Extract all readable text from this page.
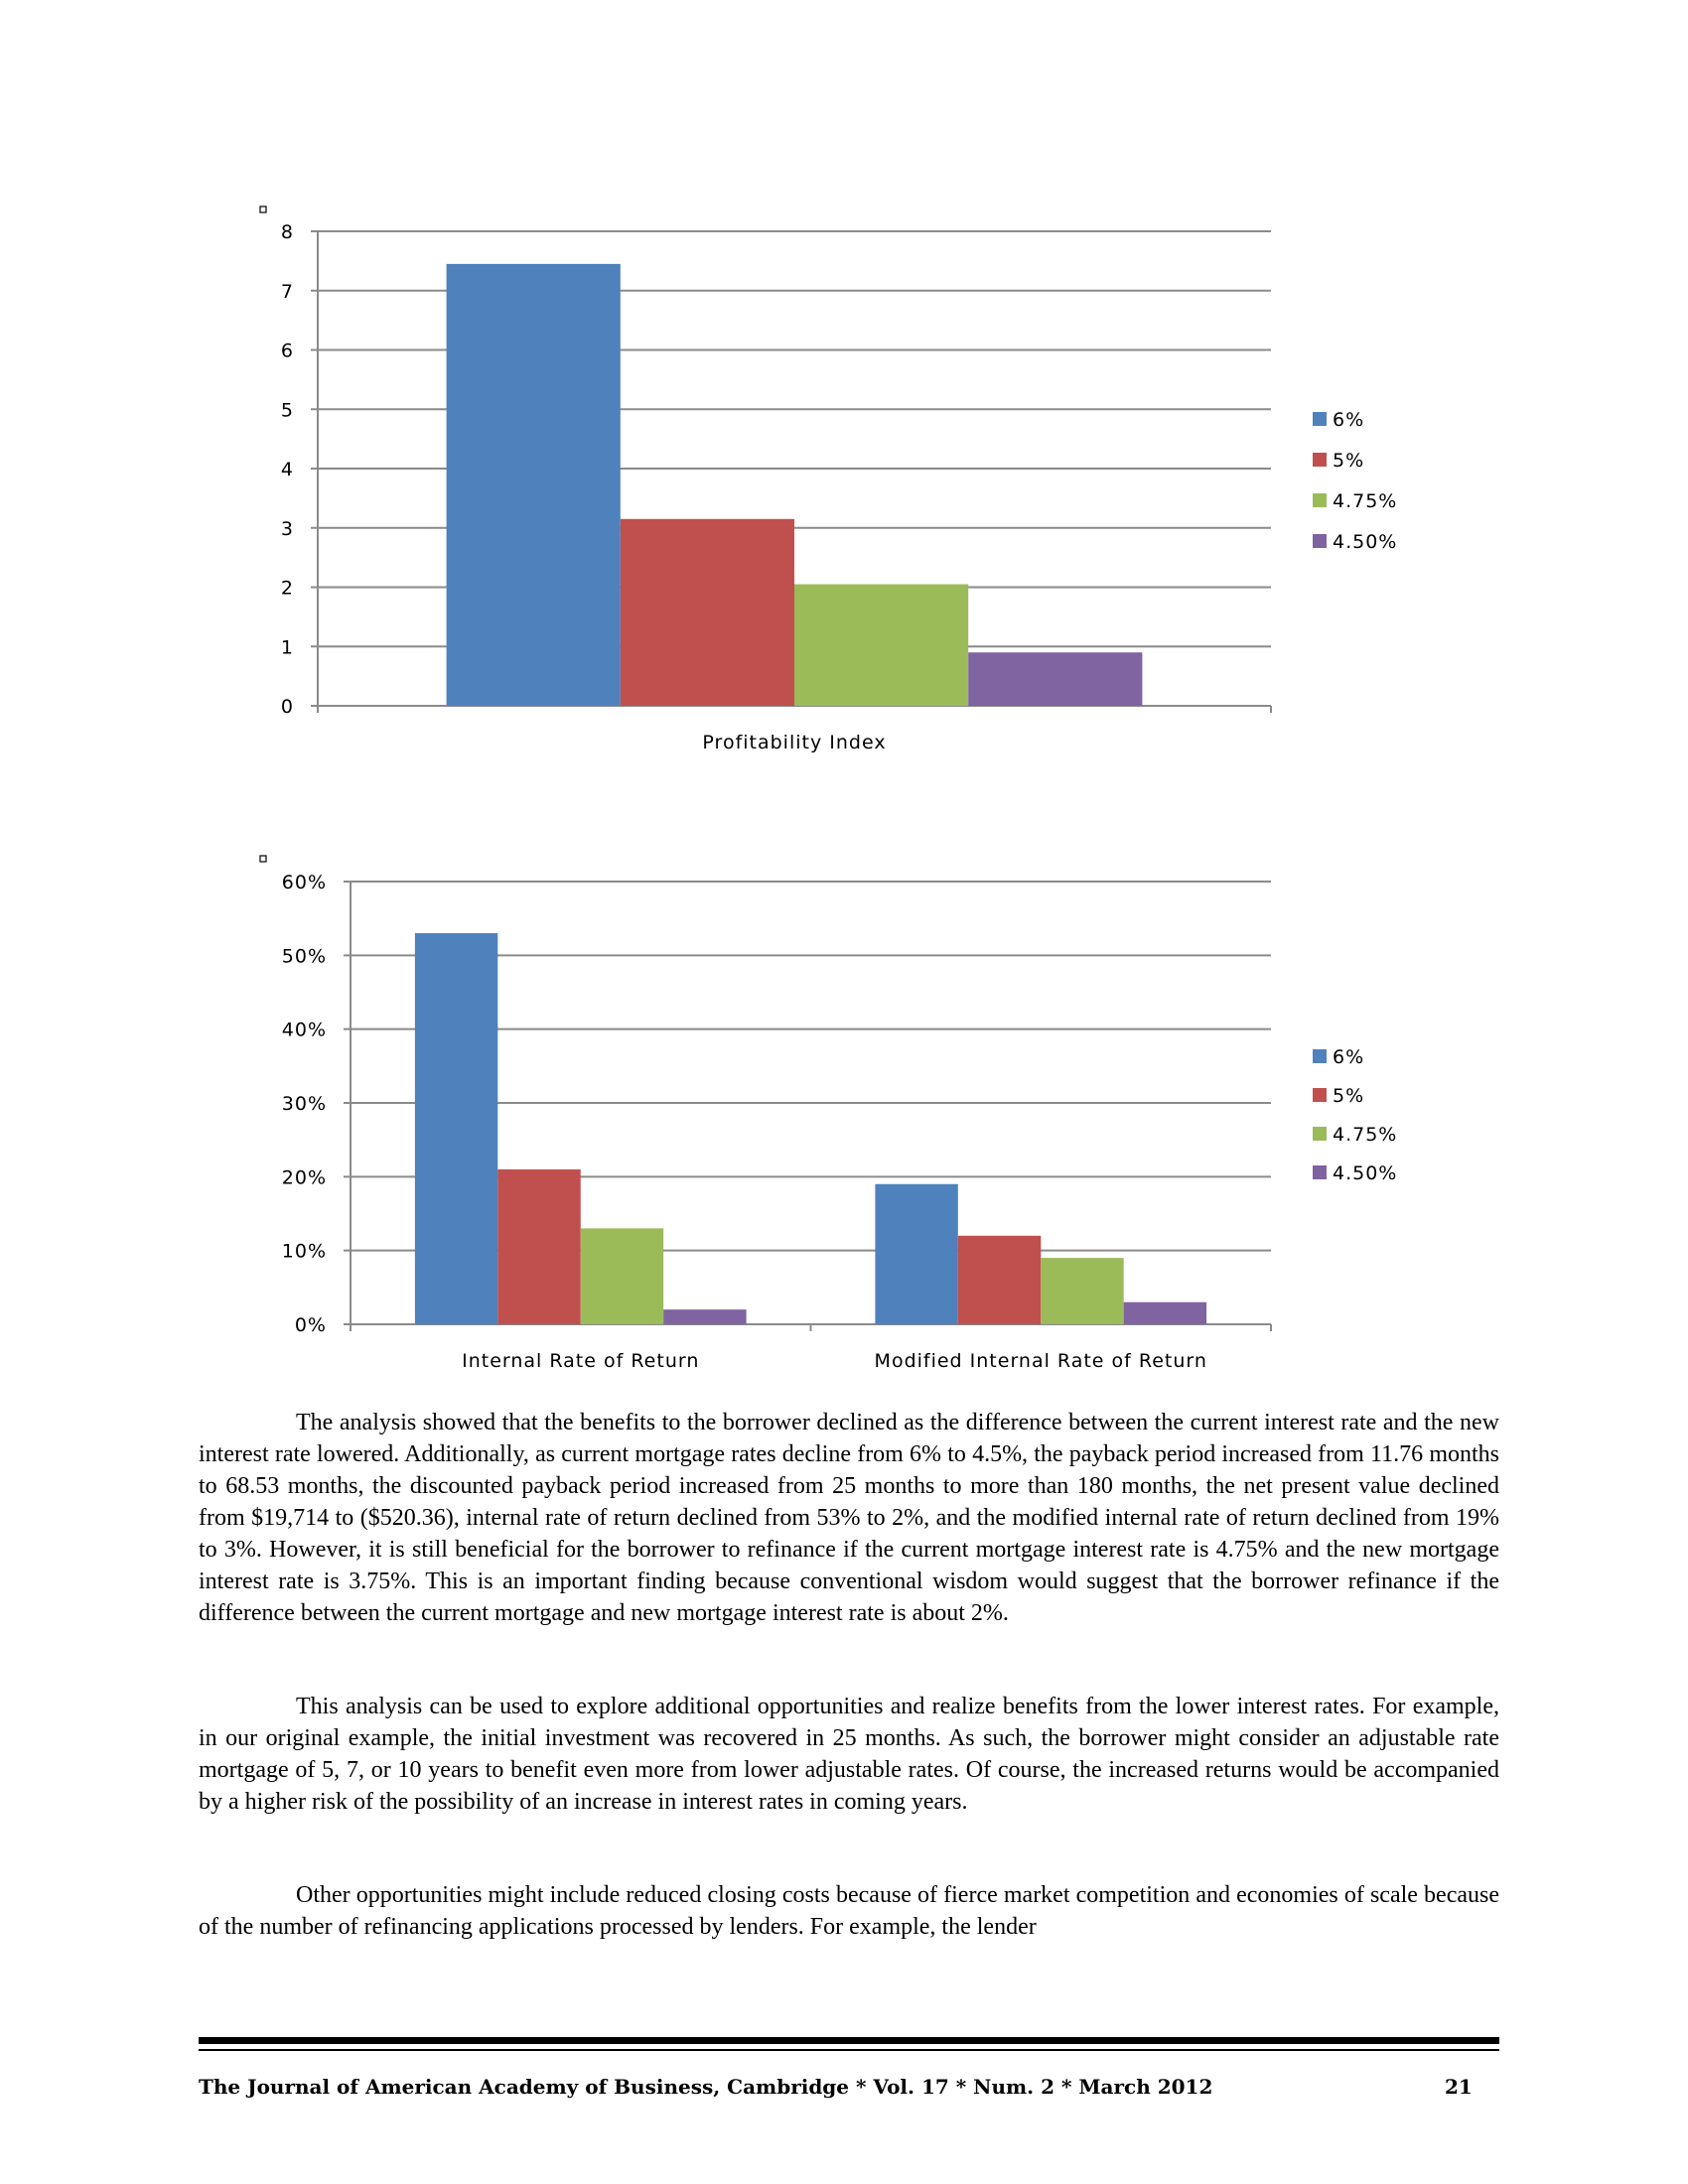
0
1
2
3
4
5
6
7
8
Profitability Index
6%
5%
4.75%
4.50%
0%
10%
20%
30%
40%
50%
60%
Internal Rate of Return	Modified Internal Rate of Return
6%
5%
4.75%
4.50%

The analysis showed that the benefits to the borrower declined as the difference between the current interest rate and the new interest rate lowered. Additionally, as current mortgage rates decline from 6% to 4.5%, the payback period increased from 11.76 months to 68.53 months, the discounted payback period increased from 25 months to more than 180 months, the net present value declined from $19,714 to ($520.36), internal rate of return declined from 53% to 2%, and the modified internal rate of return declined from 19% to 3%. However, it is still beneficial for the borrower to refinance if the current mortgage interest rate is 4.75% and the new mortgage interest rate is 3.75%. This is an important finding because conventional wisdom would suggest that the borrower refinance if the difference between the current mortgage and new mortgage interest rate is about 2%.

This analysis can be used to explore additional opportunities and realize benefits from the lower interest rates. For example, in our original example, the initial investment was recovered in 25 months. As such, the borrower might consider an adjustable rate mortgage of 5, 7, or 10 years to benefit even more from lower adjustable rates. Of course, the increased returns would be accompanied by a higher risk of the possibility of an increase in interest rates in coming years.

Other opportunities might include reduced closing costs because of fierce market competition and economies of scale because of the number of refinancing applications processed by lenders. For example, the lender

The Journal of American Academy of Business, Cambridge * Vol. 17 * Num. 2 * March 2012	21
